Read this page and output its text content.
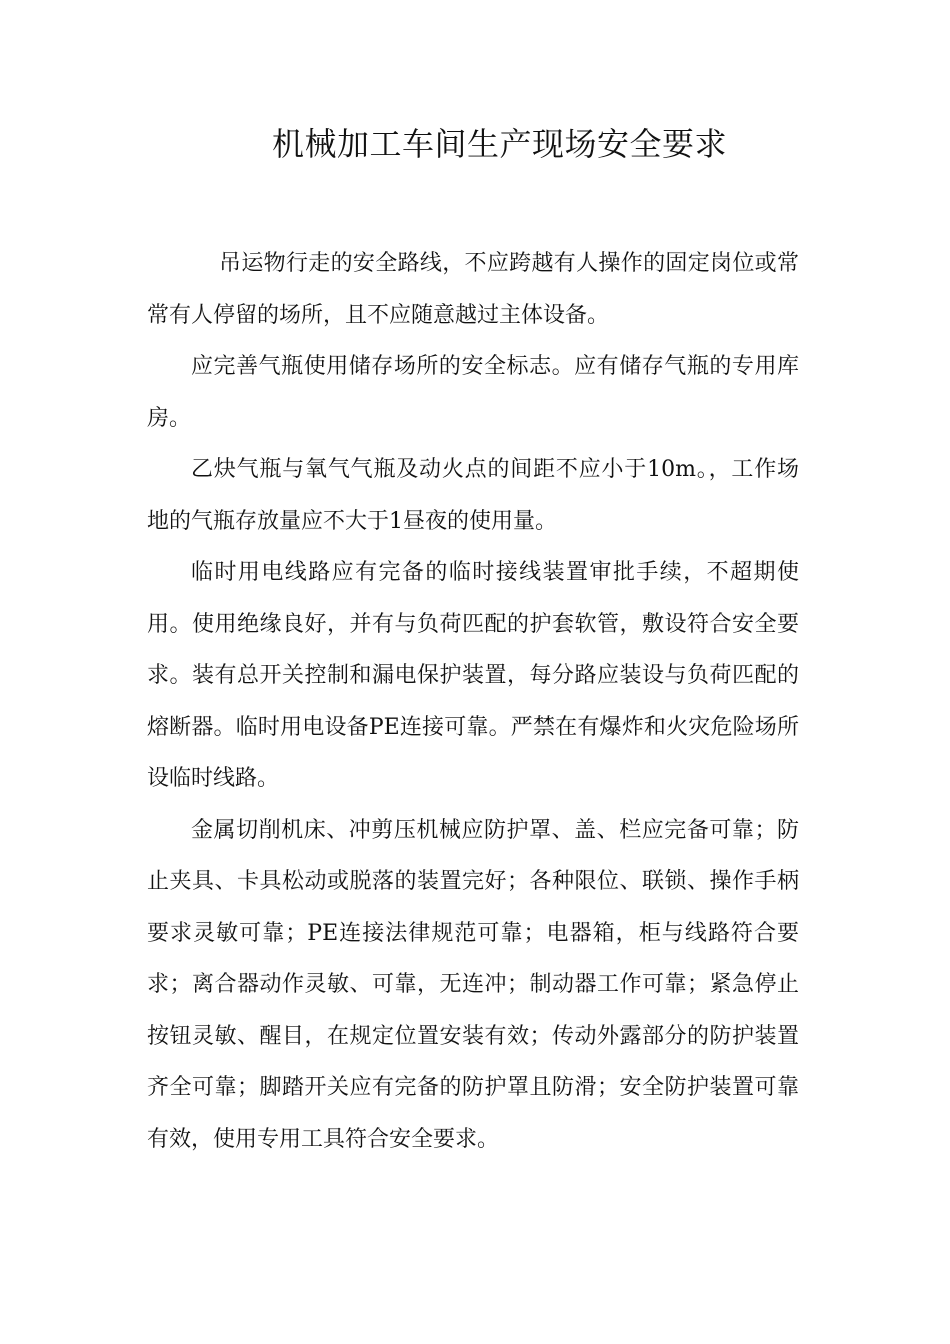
机械加工车间生产现场安全要求

吊运物行走的安全路线，不应跨越有人操作的固定岗位或常常有人停留的场所，且不应随意越过主体设备。

应完善气瓶使用储存场所的安全标志。应有储存气瓶的专用库房。

乙炔气瓶与氧气气瓶及动火点的间距不应小于10m。，工作场地的气瓶存放量应不大于1昼夜的使用量。

临时用电线路应有完备的临时接线装置审批手续，不超期使用。使用绝缘良好，并有与负荷匹配的护套软管，敷设符合安全要求。装有总开关控制和漏电保护装置，每分路应装设与负荷匹配的熔断器。临时用电设备PE连接可靠。严禁在有爆炸和火灾危险场所设临时线路。

金属切削机床、冲剪压机械应防护罩、盖、栏应完备可靠；防止夹具、卡具松动或脱落的装置完好；各种限位、联锁、操作手柄要求灵敏可靠；PE连接法律规范可靠；电器箱，柜与线路符合要求；离合器动作灵敏、可靠，无连冲；制动器工作可靠；紧急停止按钮灵敏、醒目，在规定位置安装有效；传动外露部分的防护装置齐全可靠；脚踏开关应有完备的防护罩且防滑；安全防护装置可靠有效，使用专用工具符合安全要求。
